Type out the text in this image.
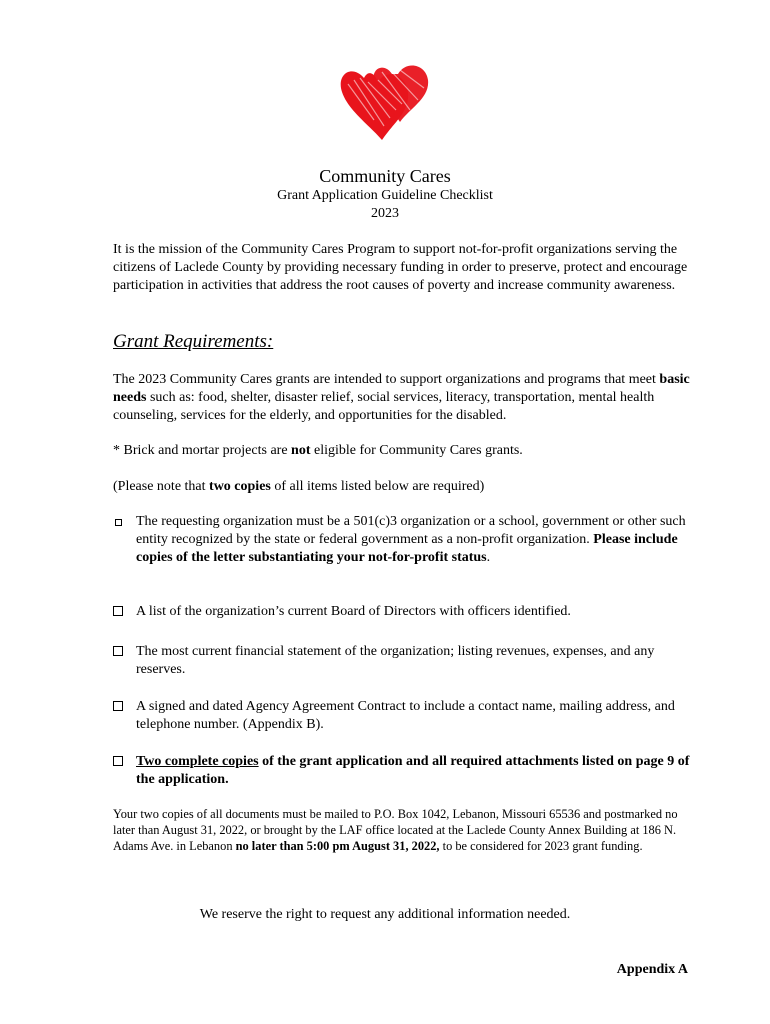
Community Cares
Grant Application Guideline Checklist
2023
It is the mission of the Community Cares Program to support not-for-profit organizations serving the citizens of Laclede County by providing necessary funding in order to preserve, protect and encourage participation in activities that address the root causes of poverty and increase community awareness.
Grant Requirements:
The 2023 Community Cares grants are intended to support organizations and programs that meet basic needs such as: food, shelter, disaster relief, social services, literacy, transportation, mental health counseling, services for the elderly, and opportunities for the disabled.
* Brick and mortar projects are not eligible for Community Cares grants.
(Please note that two copies of all items listed below are required)
The requesting organization must be a 501(c)3 organization or a school, government or other such entity recognized by the state or federal government as a non-profit organization. Please include copies of the letter substantiating your not-for-profit status.
A list of the organization’s current Board of Directors with officers identified.
The most current financial statement of the organization; listing revenues, expenses, and any reserves.
A signed and dated Agency Agreement Contract to include a contact name, mailing address, and telephone number. (Appendix B).
Two complete copies of the grant application and all required attachments listed on page 9 of the application.
Your two copies of all documents must be mailed to P.O. Box 1042, Lebanon, Missouri 65536 and postmarked no later than August 31, 2022, or brought by the LAF office located at the Laclede County Annex Building at 186 N. Adams Ave. in Lebanon no later than 5:00 pm August 31, 2022, to be considered for 2023 grant funding.
We reserve the right to request any additional information needed.
Appendix A
